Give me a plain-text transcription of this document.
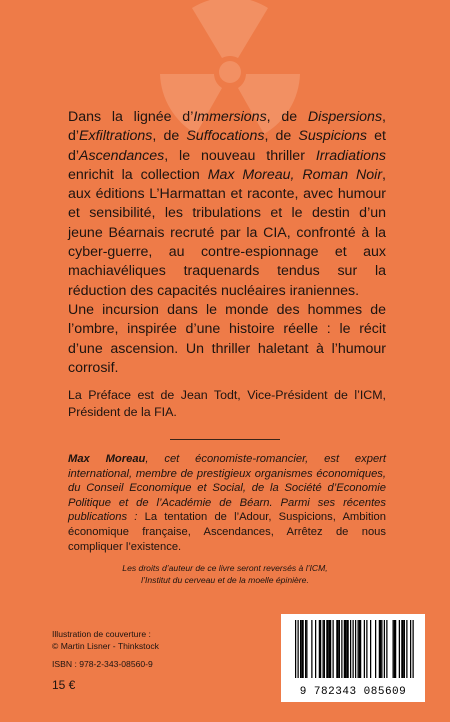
Dans la lignée d’Immersions, de Dispersions, d’Exfiltrations, de Suffocations, de Suspicions et d’Ascendances, le nouveau thriller Irradiations enrichit la collection Max Moreau, Roman Noir, aux éditions L’Harmattan et raconte, avec humour et sensibilité, les tribulations et le destin d’un jeune Béarnais recruté par la CIA, confronté à la cyber-guerre, au contre-espionnage et aux machiavéliques traquenards tendus sur la réduction des capacités nucléaires iraniennes.

Une incursion dans le monde des hommes de l’ombre, inspirée d’une histoire réelle : le récit d’une ascension. Un thriller haletant à l’humour corrosif.

La Préface est de Jean Todt, Vice-Président de l’ICM, Président de la FIA.

Max Moreau, cet économiste-romancier, est expert international, membre de prestigieux organismes économiques, du Conseil Economique et Social, de la Société d’Economie Politique et de l’Académie de Béarn. Parmi ses récentes publications : La tentation de l’Adour, Suspicions, Ambition économique française, Ascendances, Arrêtez de nous compliquer l’existence.

Les droits d’auteur de ce livre seront reversés à l’ICM,

l’Institut du cerveau et de la moelle épinière.

Illustration de couverture :

© Martin Lisner - Thinkstock

ISBN : 978-2-343-08560-9
15 €	9 782343 085609
